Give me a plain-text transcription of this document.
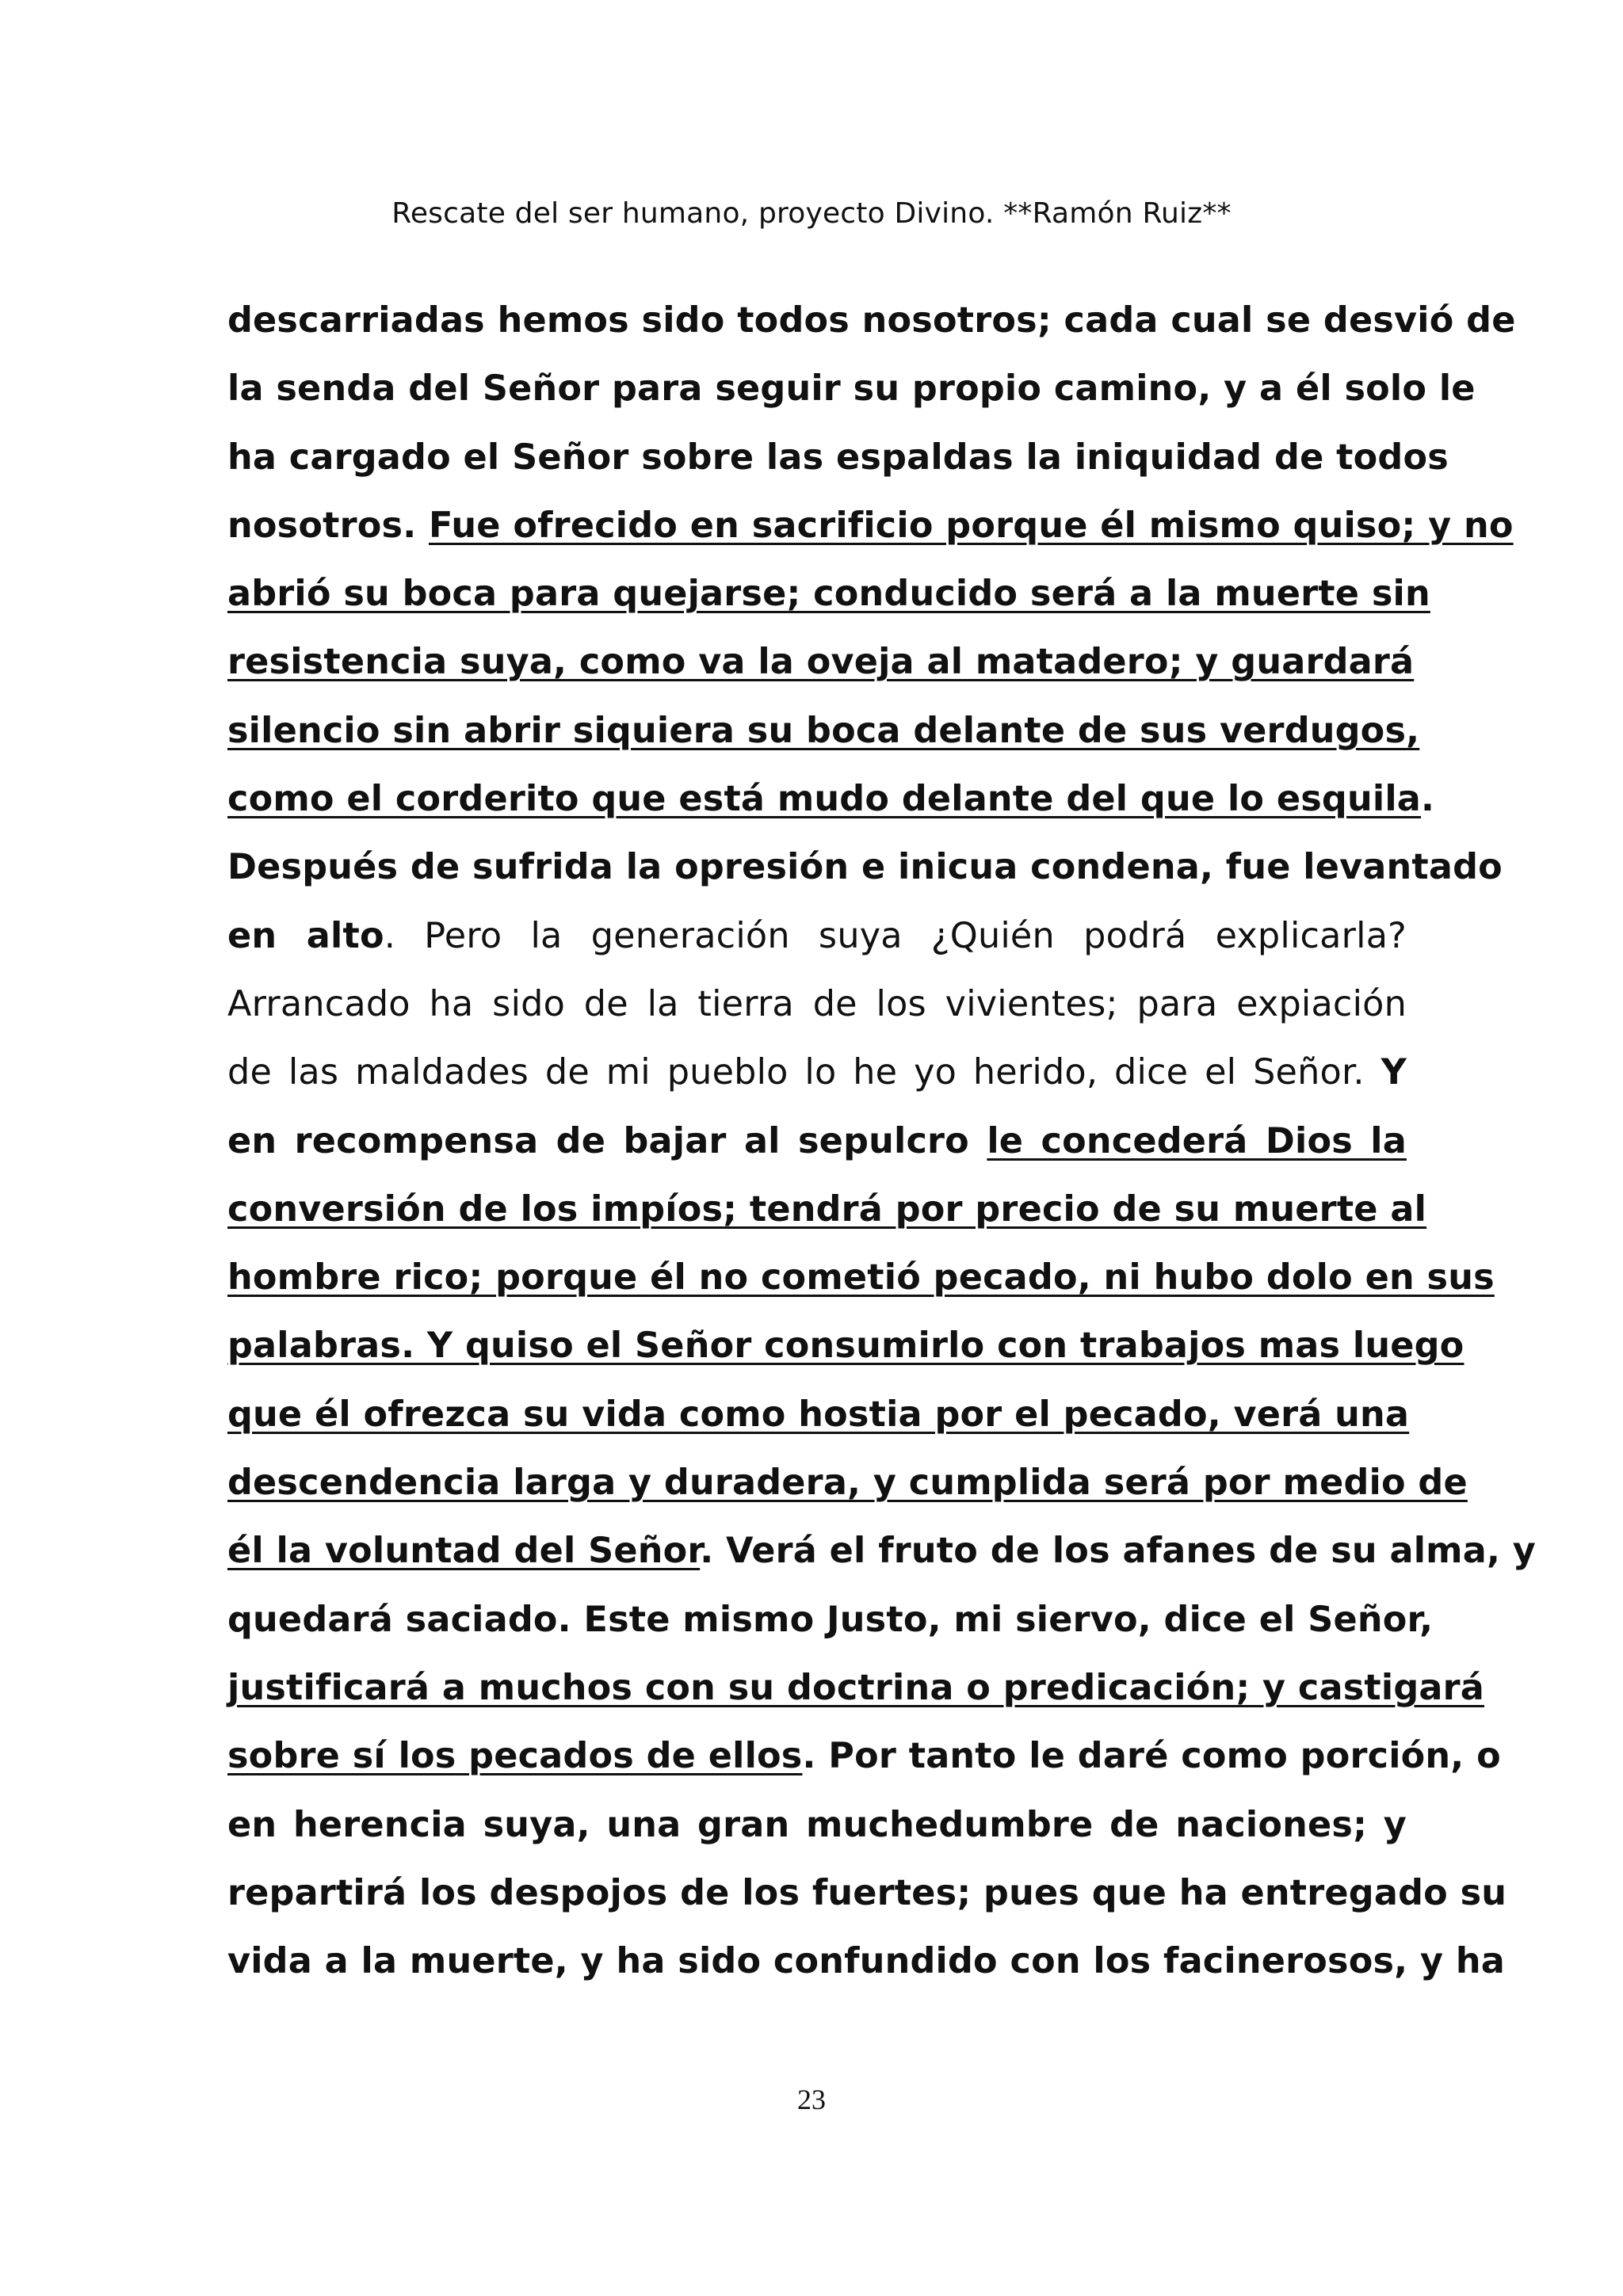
Rescate del ser humano, proyecto Divino. **Ramón Ruiz**
descarriadas hemos sido todos nosotros; cada cual se desvió de
la senda del Señor para seguir su propio camino, y a él solo le
ha cargado el Señor sobre las espaldas la iniquidad de todos
nosotros. Fue ofrecido en sacrificio porque él mismo quiso; y no
abrió su boca para quejarse; conducido será a la muerte sin
resistencia suya, como va la oveja al matadero; y guardará
silencio sin abrir siquiera su boca delante de sus verdugos,
como el corderito que está mudo delante del que lo esquila.
Después de sufrida la opresión e inicua condena, fue levantado
en alto. Pero la generación suya ¿Quién podrá explicarla?
Arrancado ha sido de la tierra de los vivientes; para expiación
de las maldades de mi pueblo lo he yo herido, dice el Señor. Y
en recompensa de bajar al sepulcro le concederá Dios la
conversión de los impíos; tendrá por precio de su muerte al
hombre rico; porque él no cometió pecado, ni hubo dolo en sus
palabras. Y quiso el Señor consumirlo con trabajos mas luego
que él ofrezca su vida como hostia por el pecado, verá una
descendencia larga y duradera, y cumplida será por medio de
él la voluntad del Señor. Verá el fruto de los afanes de su alma, y
quedará saciado. Este mismo Justo, mi siervo, dice el Señor,
justificará a muchos con su doctrina o predicación; y castigará
sobre sí los pecados de ellos. Por tanto le daré como porción, o
en herencia suya, una gran muchedumbre de naciones; y
repartirá los despojos de los fuertes; pues que ha entregado su
vida a la muerte, y ha sido confundido con los facinerosos, y ha
23
